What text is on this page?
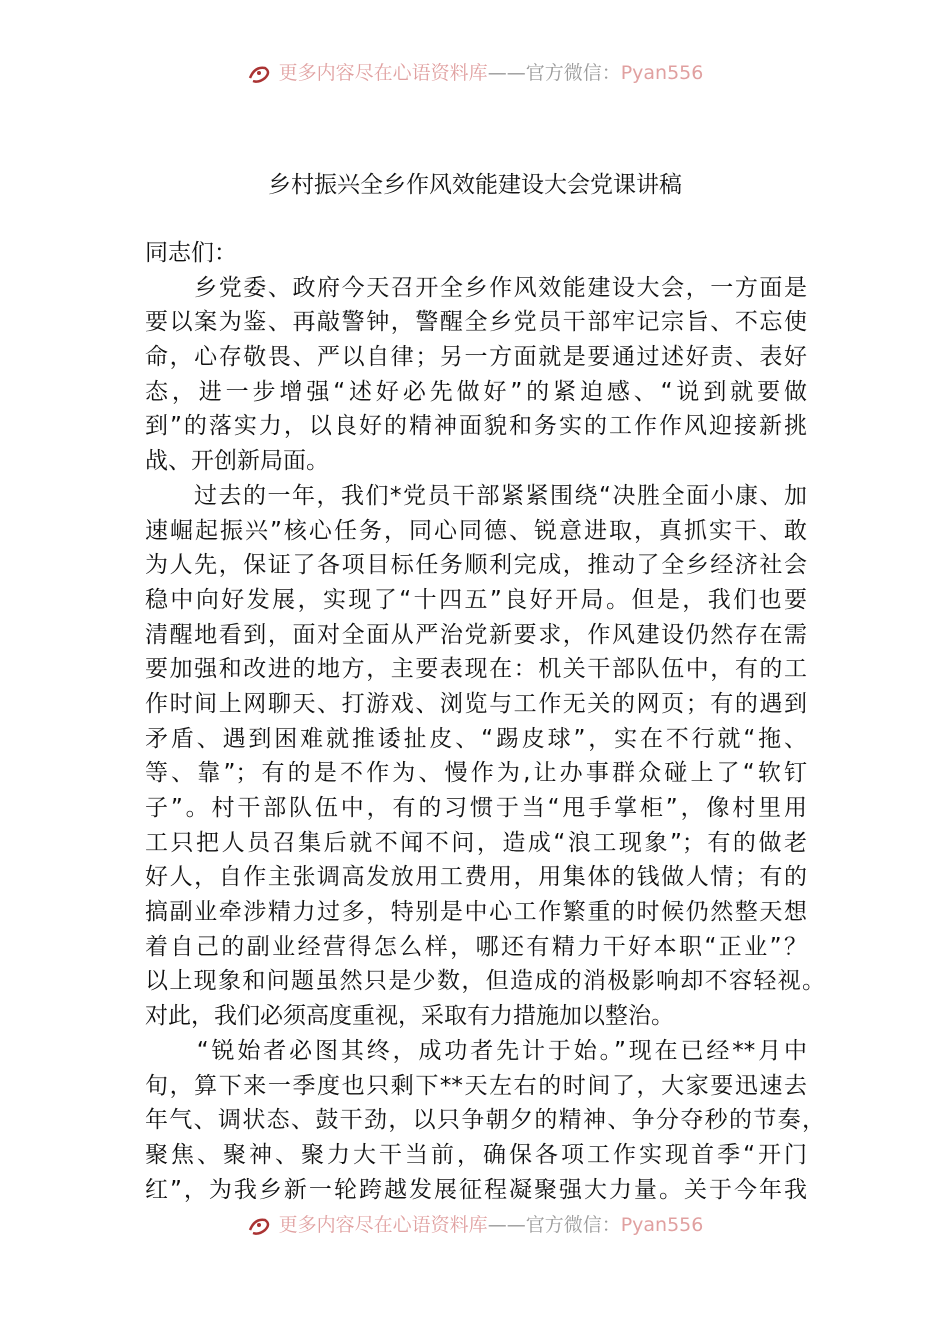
更多内容尽在心语资料库——官方微信：Pyan556
乡村振兴全乡作风效能建设大会党课讲稿
同志们：
　　乡党委、政府今天召开全乡作风效能建设大会，一方面是
要以案为鉴、再敲警钟，警醒全乡党员干部牢记宗旨、不忘使
命，心存敬畏、严以自律；另一方面就是要通过述好责、表好
态，进一步增强“述好必先做好”的紧迫感、“说到就要做
到”的落实力，以良好的精神面貌和务实的工作作风迎接新挑
战、开创新局面。
　　过去的一年，我们*党员干部紧紧围绕“决胜全面小康、加
速崛起振兴”核心任务，同心同德、锐意进取，真抓实干、敢
为人先，保证了各项目标任务顺利完成，推动了全乡经济社会
稳中向好发展，实现了“十四五”良好开局。但是，我们也要
清醒地看到，面对全面从严治党新要求，作风建设仍然存在需
要加强和改进的地方，主要表现在：机关干部队伍中，有的工
作时间上网聊天、打游戏、浏览与工作无关的网页；有的遇到
矛盾、遇到困难就推诿扯皮、“踢皮球”，实在不行就“拖、
等、靠”；有的是不作为、慢作为,让办事群众碰上了“软钉
子”。村干部队伍中，有的习惯于当“甩手掌柜”，像村里用
工只把人员召集后就不闻不问，造成“浪工现象”；有的做老
好人，自作主张调高发放用工费用，用集体的钱做人情；有的
搞副业牵涉精力过多，特别是中心工作繁重的时候仍然整天想
着自己的副业经营得怎么样，哪还有精力干好本职“正业”？
以上现象和问题虽然只是少数，但造成的消极影响却不容轻视。
对此，我们必须高度重视，采取有力措施加以整治。
　　“锐始者必图其终，成功者先计于始。”现在已经**月中
旬，算下来一季度也只剩下**天左右的时间了，大家要迅速去
年气、调状态、鼓干劲，以只争朝夕的精神、争分夺秒的节奏，
聚焦、聚神、聚力大干当前，确保各项工作实现首季“开门
红”，为我乡新一轮跨越发展征程凝聚强大力量。关于今年我
更多内容尽在心语资料库——官方微信：Pyan556
